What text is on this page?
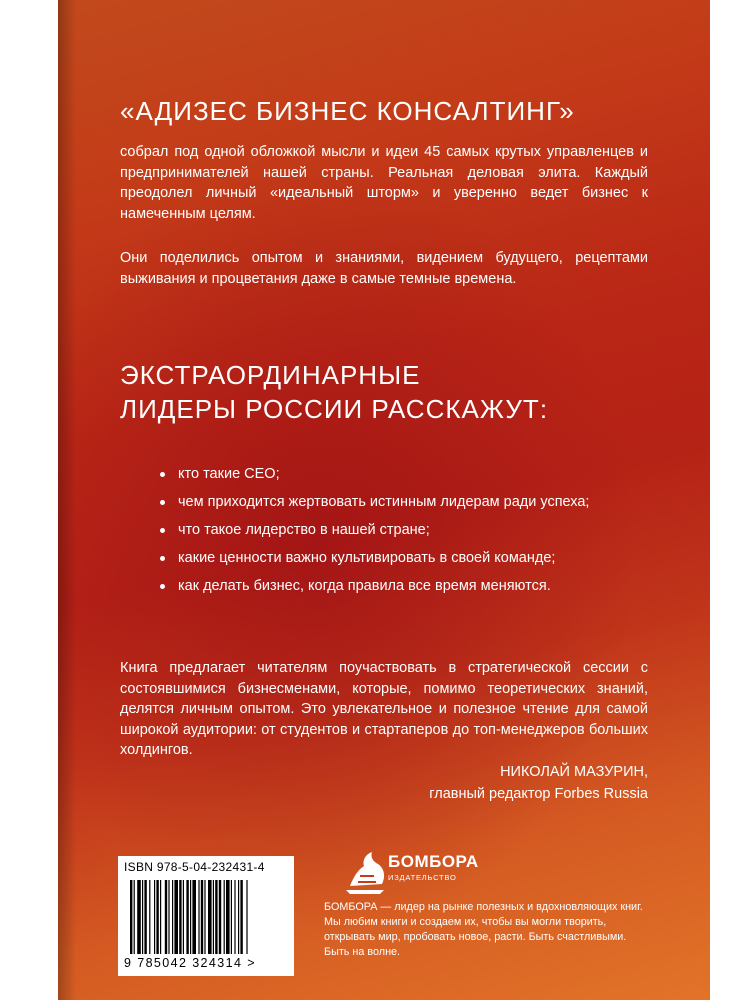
«АДИЗЕС БИЗНЕС КОНСАЛТИНГ»

собрал под одной обложкой мысли и идеи 45 самых крутых управленцев и предпринимателей нашей страны. Реальная деловая элита. Каждый преодолел личный «идеальный шторм» и уверенно ведет бизнес к намеченным целям.

Они поделились опытом и знаниями, видением будущего, рецептами выживания и процветания даже в самые темные времена.

ЭКСТРАОРДИНАРНЫЕ
ЛИДЕРЫ РОССИИ РАССКАЖУТ:
кто такие CEO;
чем приходится жертвовать истинным лидерам ради успеха;
что такое лидерство в нашей стране;
какие ценности важно культивировать в своей команде;
как делать бизнес, когда правила все время меняются.

Книга предлагает читателям поучаствовать в стратегической сессии с состоявшимися бизнесменами, которые, помимо теоретических знаний, делятся личным опытом. Это увлекательное и полезное чтение для самой широкой аудитории: от студентов и стартаперов до топ-менеджеров больших холдингов.

НИКОЛАЙ МАЗУРИН,
главный редактор Forbes Russia
ISBN 978-5-04-232431-4
9 785042 324314 >
БОМБОРА
ИЗДАТЕЛЬСТВО

БОМБОРА — лидер на рынке полезных и вдохновляющих книг. Мы любим книги и создаем их, чтобы вы могли творить, открывать мир, пробовать новое, расти. Быть счастливыми. Быть на волне.
